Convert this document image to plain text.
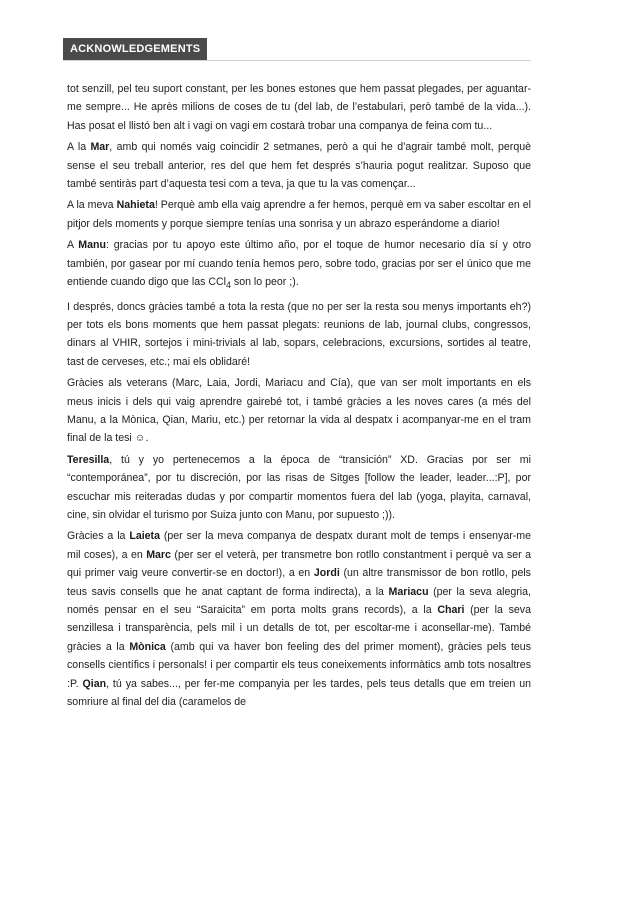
ACKNOWLEDGEMENTS

tot senzill, pel teu suport constant, per les bones estones que hem passat plegades, per aguantar-me sempre... He après milions de coses de tu (del lab, de l’estabulari, però també de la vida...). Has posat el llistó ben alt i vagi on vagi em costarà trobar una companya de feina com tu...

A la Mar, amb qui només vaig coincidir 2 setmanes, però a qui he d’agrair també molt, perquè sense el seu treball anterior, res del que hem fet després s’hauria pogut realitzar. Suposo que també sentiràs part d’aquesta tesi com a teva, ja que tu la vas començar...

A la meva Nahieta! Perquè amb ella vaig aprendre a fer hemos, perquè em va saber escoltar en el pitjor dels moments y porque siempre tenías una sonrisa y un abrazo esperándome a diario!

A Manu: gracias por tu apoyo este último año, por el toque de humor necesario día sí y otro también, por gasear por mí cuando tenía hemos pero, sobre todo, gracias por ser el único que me entiende cuando digo que las CCl$_4$ son lo peor ;).

I després, doncs gràcies també a tota la resta (que no per ser la resta sou menys importants eh?) per tots els bons moments que hem passat plegats: reunions de lab, journal clubs, congressos, dinars al VHIR, sortejos i mini-trivials al lab, sopars, celebracions, excursions, sortides al teatre, tast de cerveses, etc.; mai els oblidaré!

Gràcies als veterans (Marc, Laia, Jordi, Mariacu and Cía), que van ser molt importants en els meus inicis i dels qui vaig aprendre gairebé tot, i també gràcies a les noves cares (a més del Manu, a la Mònica, Qian, Mariu, etc.) per retornar la vida al despatx i acompanyar-me en el tram final de la tesi ☺.

Teresilla, tú y yo pertenecemos a la época de “transición” XD. Gracias por ser mi “contemporánea”, por tu discreción, por las risas de Sitges [follow the leader, leader...:P], por escuchar mis reiteradas dudas y por compartir momentos fuera del lab (yoga, playita, carnaval, cine, sin olvidar el turismo por Suiza junto con Manu, por supuesto ;)).

Gràcies a la Laieta (per ser la meva companya de despatx durant molt de temps i ensenyar-me mil coses), a en Marc (per ser el veterà, per transmetre bon rotllo constantment i perquè va ser a qui primer vaig veure convertir-se en doctor!), a en Jordi (un altre transmissor de bon rotllo, pels teus savis consells que he anat captant de forma indirecta), a la Mariacu (per la seva alegria, només pensar en el seu “Saraicita” em porta molts grans records), a la Chari (per la seva senzillesa i transparència, pels mil i un detalls de tot, per escoltar-me i aconsellar-me). També gràcies a la Mònica (amb qui va haver bon feeling des del primer moment), gràcies pels teus consells científics i personals! i per compartir els teus coneixements informàtics amb tots nosaltres :P. Qian, tú ya sabes..., per fer-me companyia per les tardes, pels teus detalls que em treien un somriure al final del dia (caramelos de
